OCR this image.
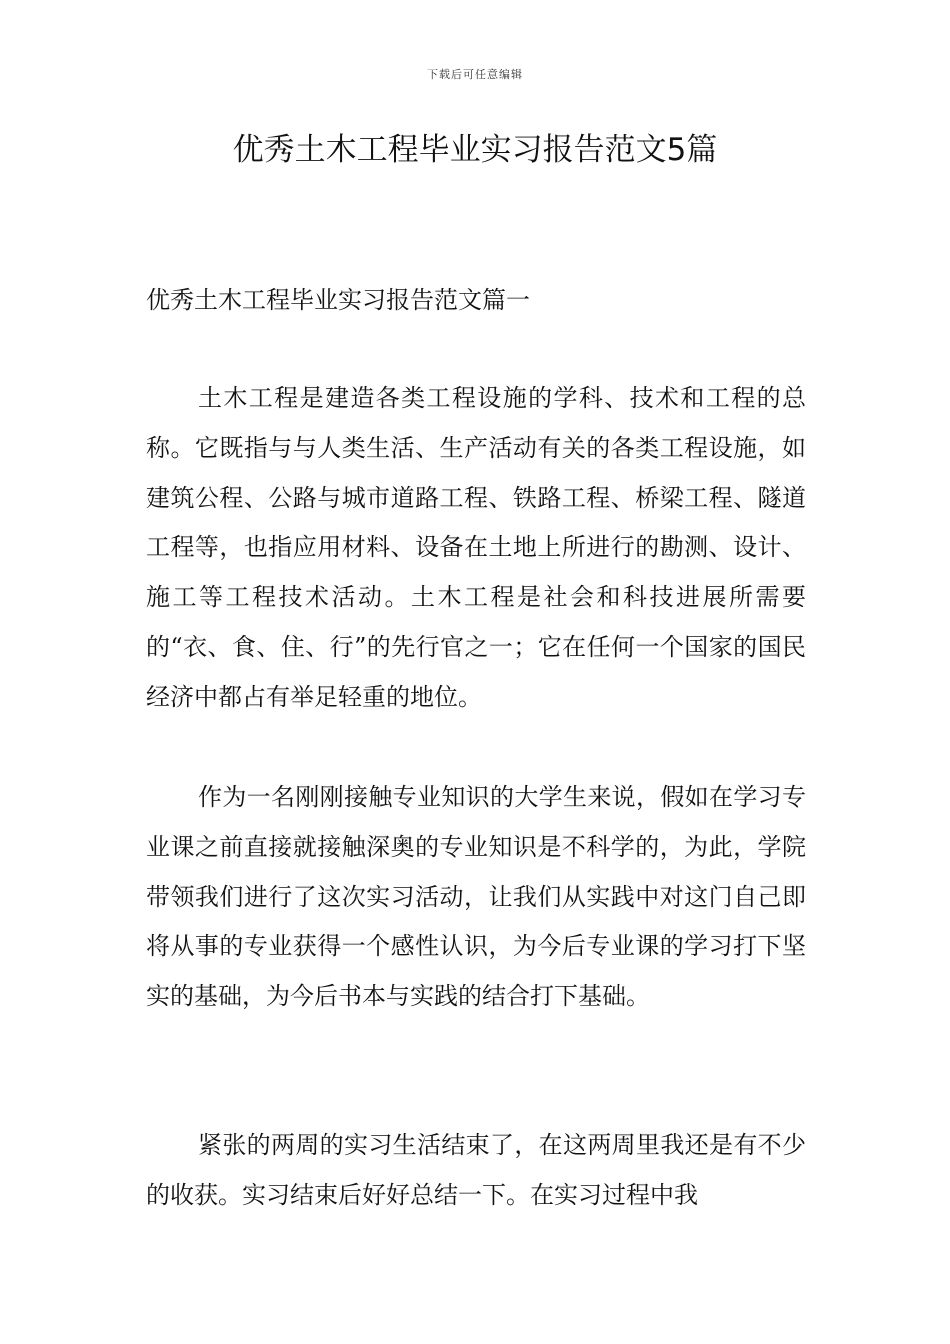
下载后可任意编辑
优秀土木工程毕业实习报告范文5篇

优秀土木工程毕业实习报告范文篇一

土木工程是建造各类工程设施的学科、技术和工程的总称。它既指与与人类生活、生产活动有关的各类工程设施，如建筑公程、公路与城市道路工程、铁路工程、桥梁工程、隧道工程等，也指应用材料、设备在土地上所进行的勘测、设计、施工等工程技术活动。土木工程是社会和科技进展所需要的“衣、食、住、行”的先行官之一；它在任何一个国家的国民经济中都占有举足轻重的地位。

作为一名刚刚接触专业知识的大学生来说，假如在学习专业课之前直接就接触深奥的专业知识是不科学的，为此，学院带领我们进行了这次实习活动，让我们从实践中对这门自己即将从事的专业获得一个感性认识，为今后专业课的学习打下坚实的基础，为今后书本与实践的结合打下基础。

紧张的两周的实习生活结束了，在这两周里我还是有不少的收获。实习结束后好好总结一下。在实习过程中我
